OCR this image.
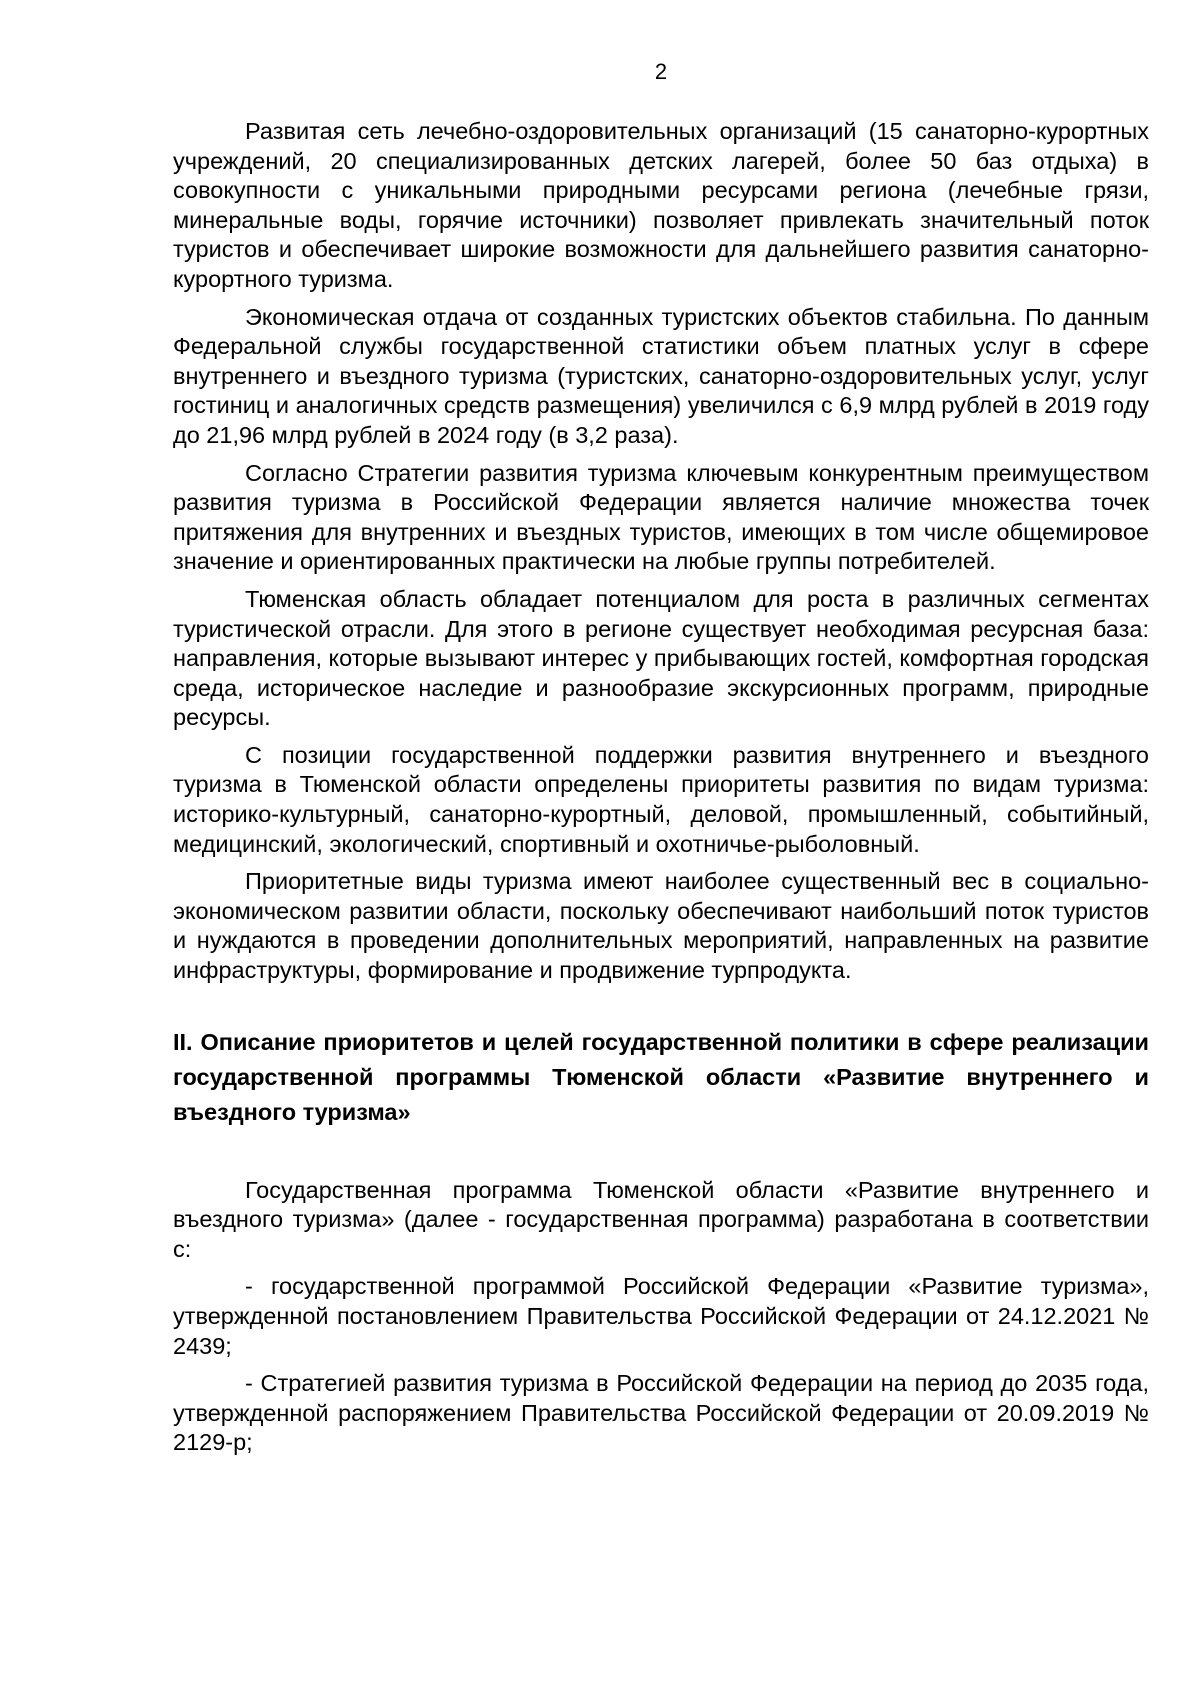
2

Развитая сеть лечебно-оздоровительных организаций (15 санаторно-курортных учреждений, 20 специализированных детских лагерей, более 50 баз отдыха) в совокупности с уникальными природными ресурсами региона (лечебные грязи, минеральные воды, горячие источники) позволяет привлекать значительный поток туристов и обеспечивает широкие возможности для дальнейшего развития санаторно-курортного туризма.

Экономическая отдача от созданных туристских объектов стабильна. По данным Федеральной службы государственной статистики объем платных услуг в сфере внутреннего и въездного туризма (туристских, санаторно-оздоровительных услуг, услуг гостиниц и аналогичных средств размещения) увеличился с 6,9 млрд рублей в 2019 году до 21,96 млрд рублей в 2024 году (в 3,2 раза).

Согласно Стратегии развития туризма ключевым конкурентным преимуществом развития туризма в Российской Федерации является наличие множества точек притяжения для внутренних и въездных туристов, имеющих в том числе общемировое значение и ориентированных практически на любые группы потребителей.

Тюменская область обладает потенциалом для роста в различных сегментах туристической отрасли. Для этого в регионе существует необходимая ресурсная база: направления, которые вызывают интерес у прибывающих гостей, комфортная городская среда, историческое наследие и разнообразие экскурсионных программ, природные ресурсы.

С позиции государственной поддержки развития внутреннего и въездного туризма в Тюменской области определены приоритеты развития по видам туризма: историко-культурный, санаторно-курортный, деловой, промышленный, событийный, медицинский, экологический, спортивный и охотничье-рыболовный.

Приоритетные виды туризма имеют наиболее существенный вес в социально-экономическом развитии области, поскольку обеспечивают наибольший поток туристов и нуждаются в проведении дополнительных мероприятий, направленных на развитие инфраструктуры, формирование и продвижение турпродукта.

II. Описание приоритетов и целей государственной политики в сфере реализации государственной программы Тюменской области «Развитие внутреннего и въездного туризма»

Государственная программа Тюменской области «Развитие внутреннего и въездного туризма» (далее - государственная программа) разработана в соответствии с:

- государственной программой Российской Федерации «Развитие туризма», утвержденной постановлением Правительства Российской Федерации от 24.12.2021 № 2439;

- Стратегией развития туризма в Российской Федерации на период до 2035 года, утвержденной распоряжением Правительства Российской Федерации от 20.09.2019 № 2129-р;
